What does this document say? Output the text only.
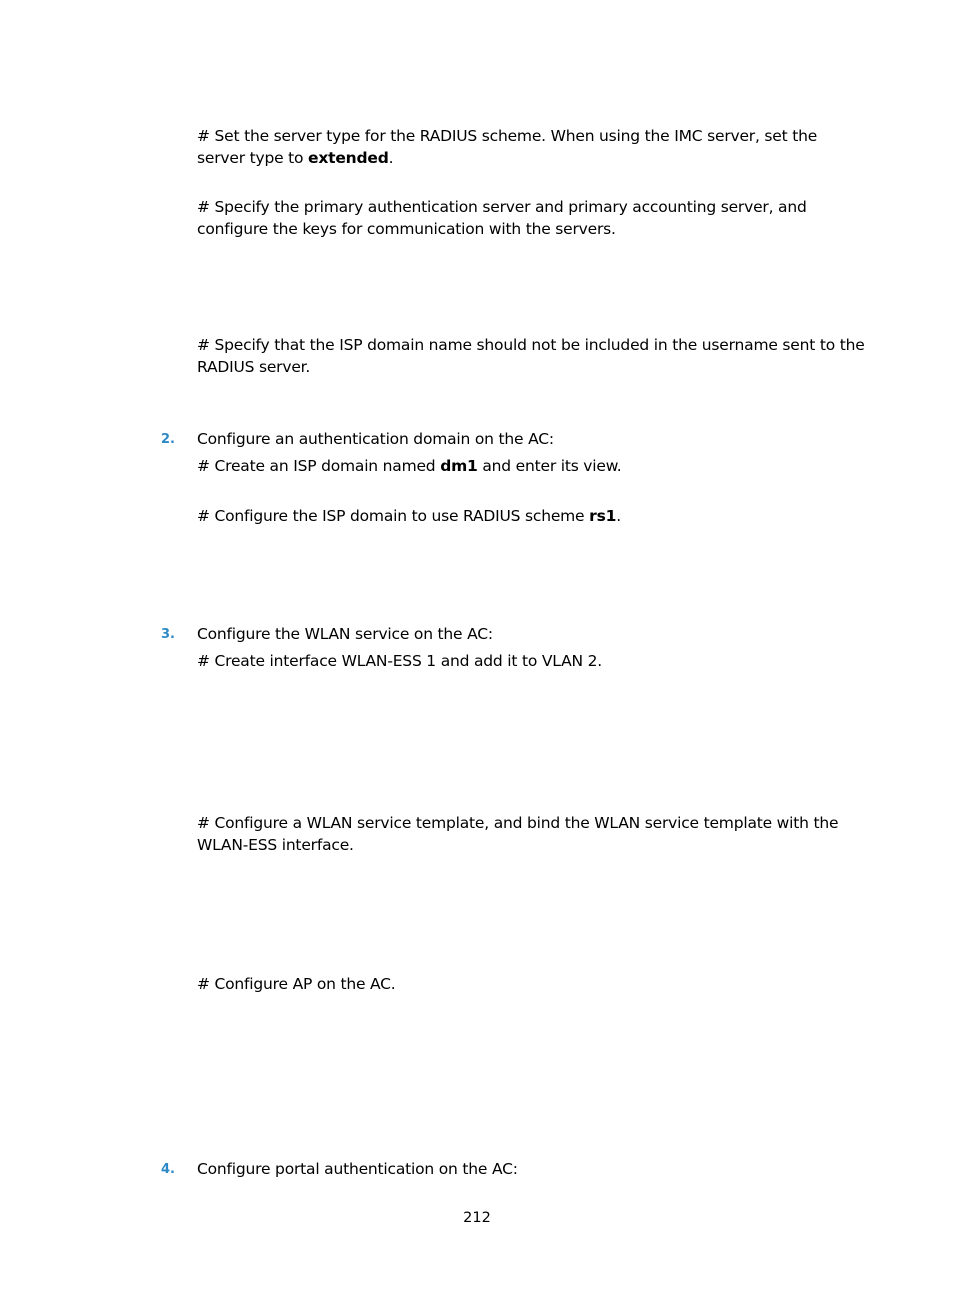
# Set the server type for the RADIUS scheme. When using the IMC server, set the server type to extended.
# Specify the primary authentication server and primary accounting server, and configure the keys for communication with the servers.
# Specify that the ISP domain name should not be included in the username sent to the RADIUS server.
2. Configure an authentication domain on the AC:
# Create an ISP domain named dm1 and enter its view.
# Configure the ISP domain to use RADIUS scheme rs1.
3. Configure the WLAN service on the AC:
# Create interface WLAN-ESS 1 and add it to VLAN 2.
# Configure a WLAN service template, and bind the WLAN service template with the WLAN-ESS interface.
# Configure AP on the AC.
4. Configure portal authentication on the AC:
212
